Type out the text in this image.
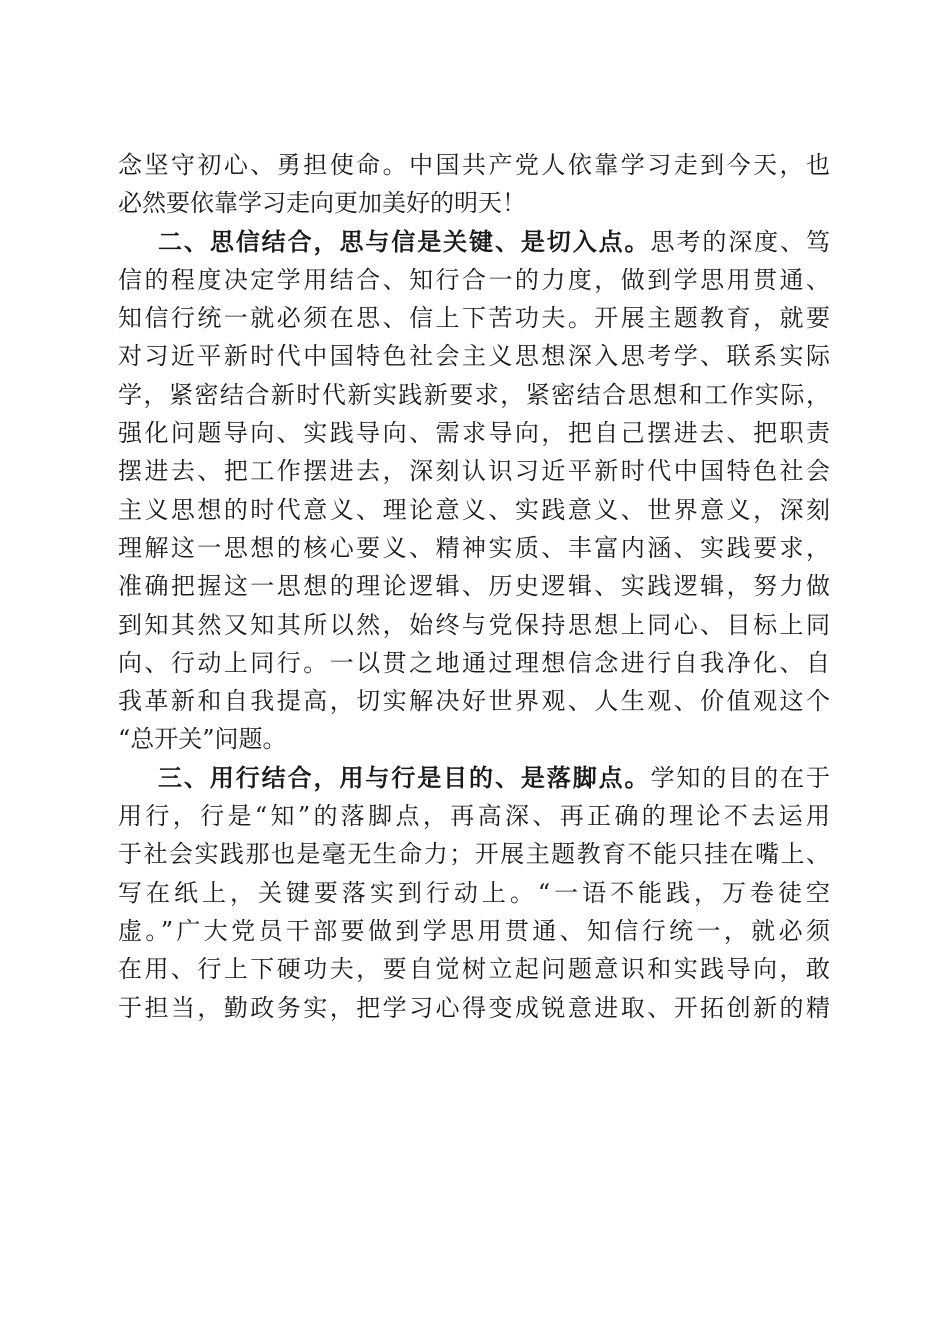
念坚守初心、勇担使命。中国共产党人依靠学习走到今天，也
必然要依靠学习走向更加美好的明天！
二、思信结合，思与信是关键、是切入点。思考的深度、笃
信的程度决定学用结合、知行合一的力度，做到学思用贯通、
知信行统一就必须在思、信上下苦功夫。开展主题教育，就要
对习近平新时代中国特色社会主义思想深入思考学、联系实际
学，紧密结合新时代新实践新要求，紧密结合思想和工作实际，
强化问题导向、实践导向、需求导向，把自己摆进去、把职责
摆进去、把工作摆进去，深刻认识习近平新时代中国特色社会
主义思想的时代意义、理论意义、实践意义、世界意义，深刻
理解这一思想的核心要义、精神实质、丰富内涵、实践要求，
准确把握这一思想的理论逻辑、历史逻辑、实践逻辑，努力做
到知其然又知其所以然，始终与党保持思想上同心、目标上同
向、行动上同行。一以贯之地通过理想信念进行自我净化、自
我革新和自我提高，切实解决好世界观、人生观、价值观这个
“总开关”问题。
三、用行结合，用与行是目的、是落脚点。学知的目的在于
用行，行是“知”的落脚点，再高深、再正确的理论不去运用
于社会实践那也是毫无生命力；开展主题教育不能只挂在嘴上、
写在纸上，关键要落实到行动上。“一语不能践，万卷徒空
虚。”广大党员干部要做到学思用贯通、知信行统一，就必须
在用、行上下硬功夫，要自觉树立起问题意识和实践导向，敢
于担当，勤政务实，把学习心得变成锐意进取、开拓创新的精
